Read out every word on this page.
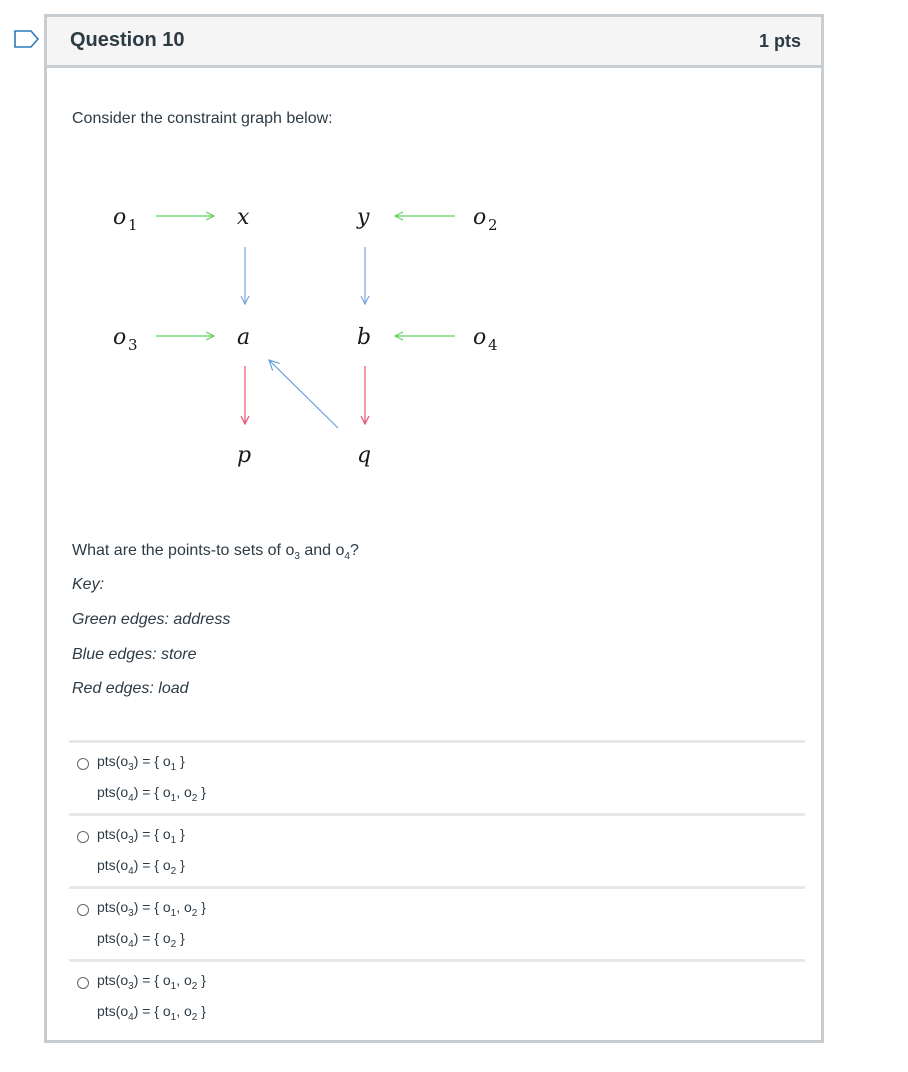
Question 10	1 pts
Consider the constraint graph below:
o 1	x	y	o 2
o 3	a	b	o 4
p	q
What are the points-to sets of $o_3$ and $o_4$?
Key:
Green edges: address
Blue edges: store
Red edges: load
$pts(o_3)$ = { $o_1$ }
$pts(o_4)$ = { $o_1$, $o_2$ }
$pts(o_3)$ = { $o_1$ }
$pts(o_4)$ = { $o_2$ }
$pts(o_3)$ = { $o_1$, $o_2$ }
$pts(o_4)$ = { $o_2$ }
$pts(o_3)$ = { $o_1$, $o_2$ }
$pts(o_4)$ = { $o_1$, $o_2$ }
